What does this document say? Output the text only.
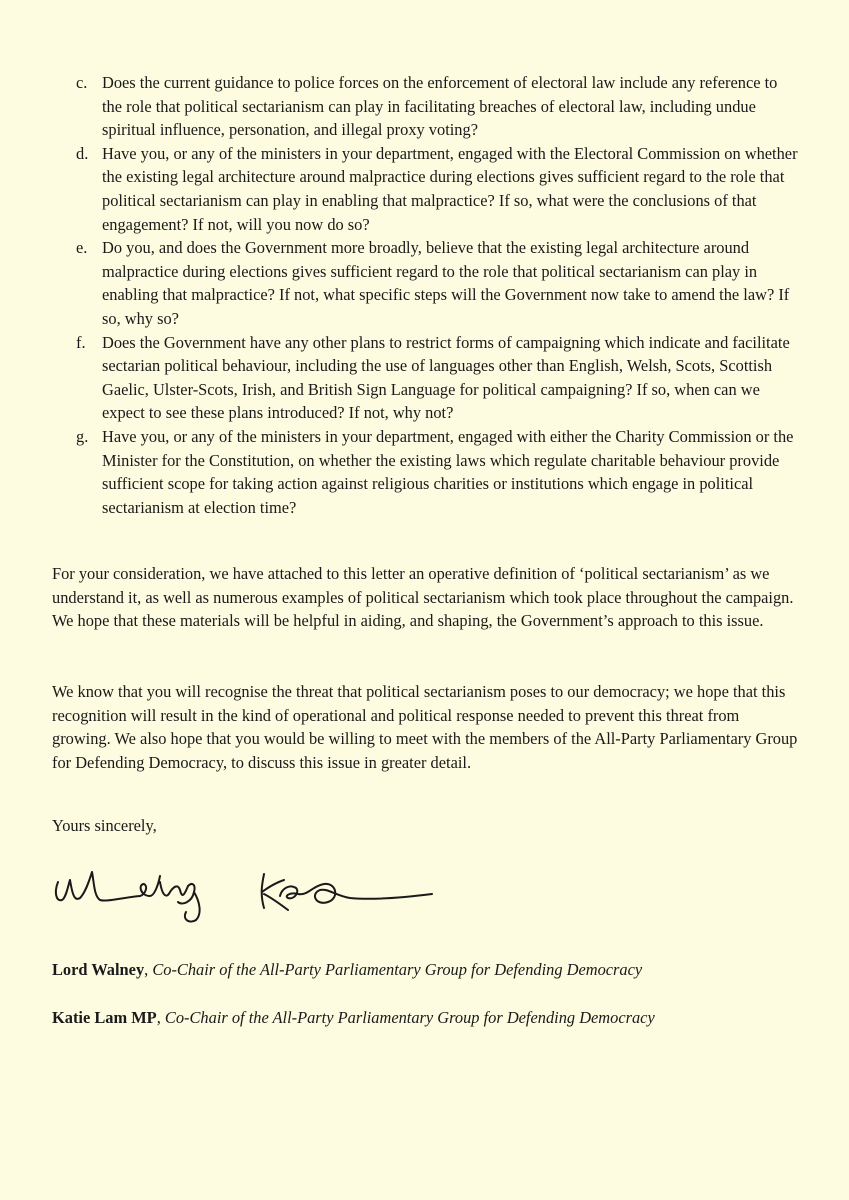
c. Does the current guidance to police forces on the enforcement of electoral law include any reference to the role that political sectarianism can play in facilitating breaches of electoral law, including undue spiritual influence, personation, and illegal proxy voting?
d. Have you, or any of the ministers in your department, engaged with the Electoral Commission on whether the existing legal architecture around malpractice during elections gives sufficient regard to the role that political sectarianism can play in enabling that malpractice? If so, what were the conclusions of that engagement? If not, will you now do so?
e. Do you, and does the Government more broadly, believe that the existing legal architecture around malpractice during elections gives sufficient regard to the role that political sectarianism can play in enabling that malpractice? If not, what specific steps will the Government now take to amend the law? If so, why so?
f.	Does the Government have any other plans to restrict forms of campaigning which indicate and facilitate sectarian political behaviour, including the use of languages other than English, Welsh, Scots, Scottish Gaelic, Ulster-Scots, Irish, and British Sign Language for political campaigning? If so, when can we expect to see these plans introduced? If not, why not?
g. Have you, or any of the ministers in your department, engaged with either the Charity Commission or the Minister for the Constitution, on whether the existing laws which regulate charitable behaviour provide sufficient scope for taking action against religious charities or institutions which engage in political sectarianism at election time?

For your consideration, we have attached to this letter an operative definition of ‘political sectarianism’ as we understand it, as well as numerous examples of political sectarianism which took place throughout the campaign. We hope that these materials will be helpful in aiding, and shaping, the Government’s approach to this issue.

We know that you will recognise the threat that political sectarianism poses to our democracy; we hope that this recognition will result in the kind of operational and political response needed to prevent this threat from growing. We also hope that you would be willing to meet with the members of the All-Party Parliamentary Group for Defending Democracy, to discuss this issue in greater detail.

Yours sincerely,

Lord Walney, Co-Chair of the All-Party Parliamentary Group for Defending Democracy

Katie Lam MP, Co-Chair of the All-Party Parliamentary Group for Defending Democracy
